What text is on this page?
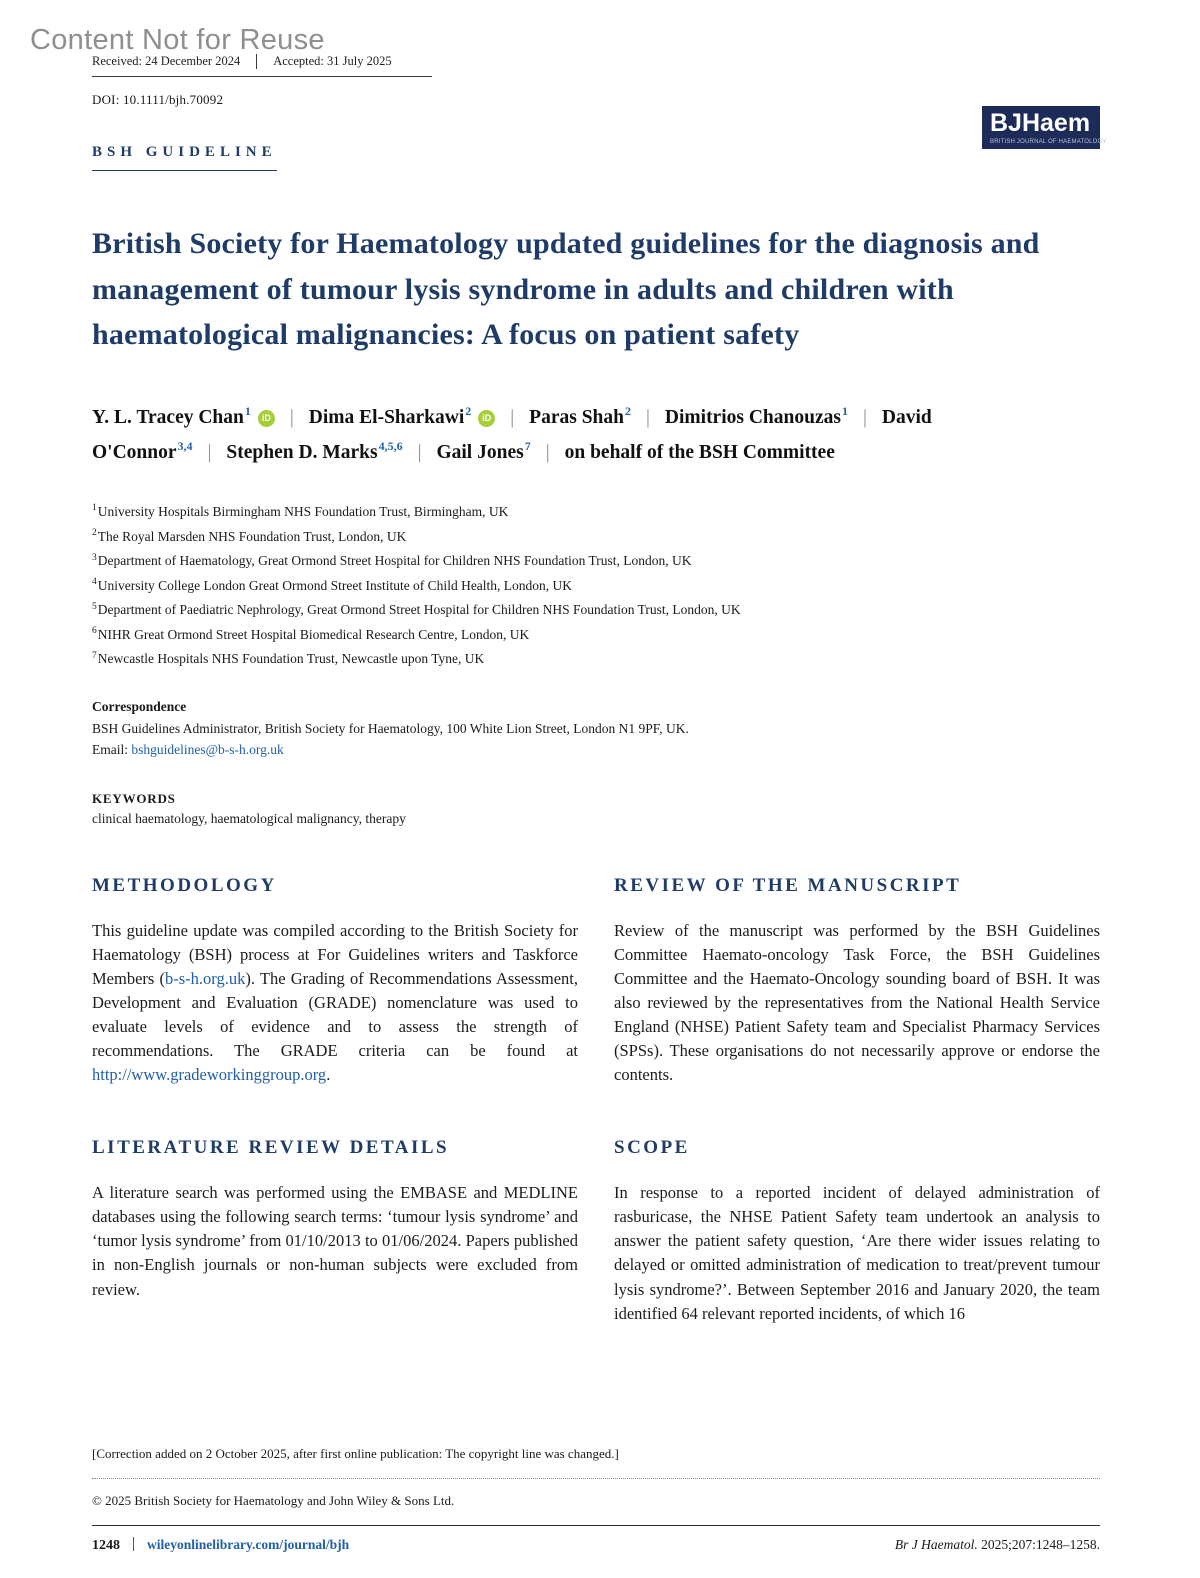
Content Not for Reuse
Received: 24 December 2024	Accepted: 31 July 2025
DOI: 10.1111/bjh.70092
BSH GUIDELINE
BJHaem
BRITISH JOURNAL OF HAEMATOLOGY
British Society for Haematology updated guidelines for the diagnosis and management of tumour lysis syndrome in adults and children with haematological malignancies: A focus on patient safety
Y. L. Tracey Chan$^1$ iD | Dima El-Sharkawi$^2$ iD | Paras Shah$^2$ | Dimitrios Chanouzas$^1$ | David O'Connor$^{3,4}$ | Stephen D. Marks$^{4,5,6}$ | Gail Jones$^7$ | on behalf of the BSH Committee
$^1$University Hospitals Birmingham NHS Foundation Trust, Birmingham, UK
$^2$The Royal Marsden NHS Foundation Trust, London, UK
$^3$Department of Haematology, Great Ormond Street Hospital for Children NHS Foundation Trust, London, UK
$^4$University College London Great Ormond Street Institute of Child Health, London, UK
$^5$Department of Paediatric Nephrology, Great Ormond Street Hospital for Children NHS Foundation Trust, London, UK
$^6$NIHR Great Ormond Street Hospital Biomedical Research Centre, London, UK
$^7$Newcastle Hospitals NHS Foundation Trust, Newcastle upon Tyne, UK
Correspondence
BSH Guidelines Administrator, British Society for Haematology, 100 White Lion Street, London N1 9PF, UK.
Email: bshguidelines@b-s-h.org.uk
KEYWORDS
clinical haematology, haematological malignancy, therapy
METHODOLOGY

This guideline update was compiled according to the British Society for Haematology (BSH) process at For Guidelines writers and Taskforce Members (b-s-h.org.uk). The Grading of Recommendations Assessment, Development and Evaluation (GRADE) nomenclature was used to evaluate levels of evidence and to assess the strength of recommendations. The GRADE criteria can be found at http://www.gradeworkinggroup.org.

LITERATURE REVIEW DETAILS

A literature search was performed using the EMBASE and MEDLINE databases using the following search terms: ‘tumour lysis syndrome’ and ‘tumor lysis syndrome’ from 01/10/2013 to 01/06/2024. Papers published in non-English journals or non-human subjects were excluded from review.

REVIEW OF THE MANUSCRIPT

Review of the manuscript was performed by the BSH Guidelines Committee Haemato-oncology Task Force, the BSH Guidelines Committee and the Haemato-Oncology sounding board of BSH. It was also reviewed by the representatives from the National Health Service England (NHSE) Patient Safety team and Specialist Pharmacy Services (SPSs). These organisations do not necessarily approve or endorse the contents.

SCOPE

In response to a reported incident of delayed administration of rasburicase, the NHSE Patient Safety team undertook an analysis to answer the patient safety question, ‘Are there wider issues relating to delayed or omitted administration of medication to treat/prevent tumour lysis syndrome?’. Between September 2016 and January 2020, the team identified 64 relevant reported incidents, of which 16

[Correction added on 2 October 2025, after first online publication: The copyright line was changed.]
© 2025 British Society for Haematology and John Wiley & Sons Ltd.
1248 wileyonlinelibrary.com/journal/bjh	Br J Haematol. 2025;207:1248–1258.
